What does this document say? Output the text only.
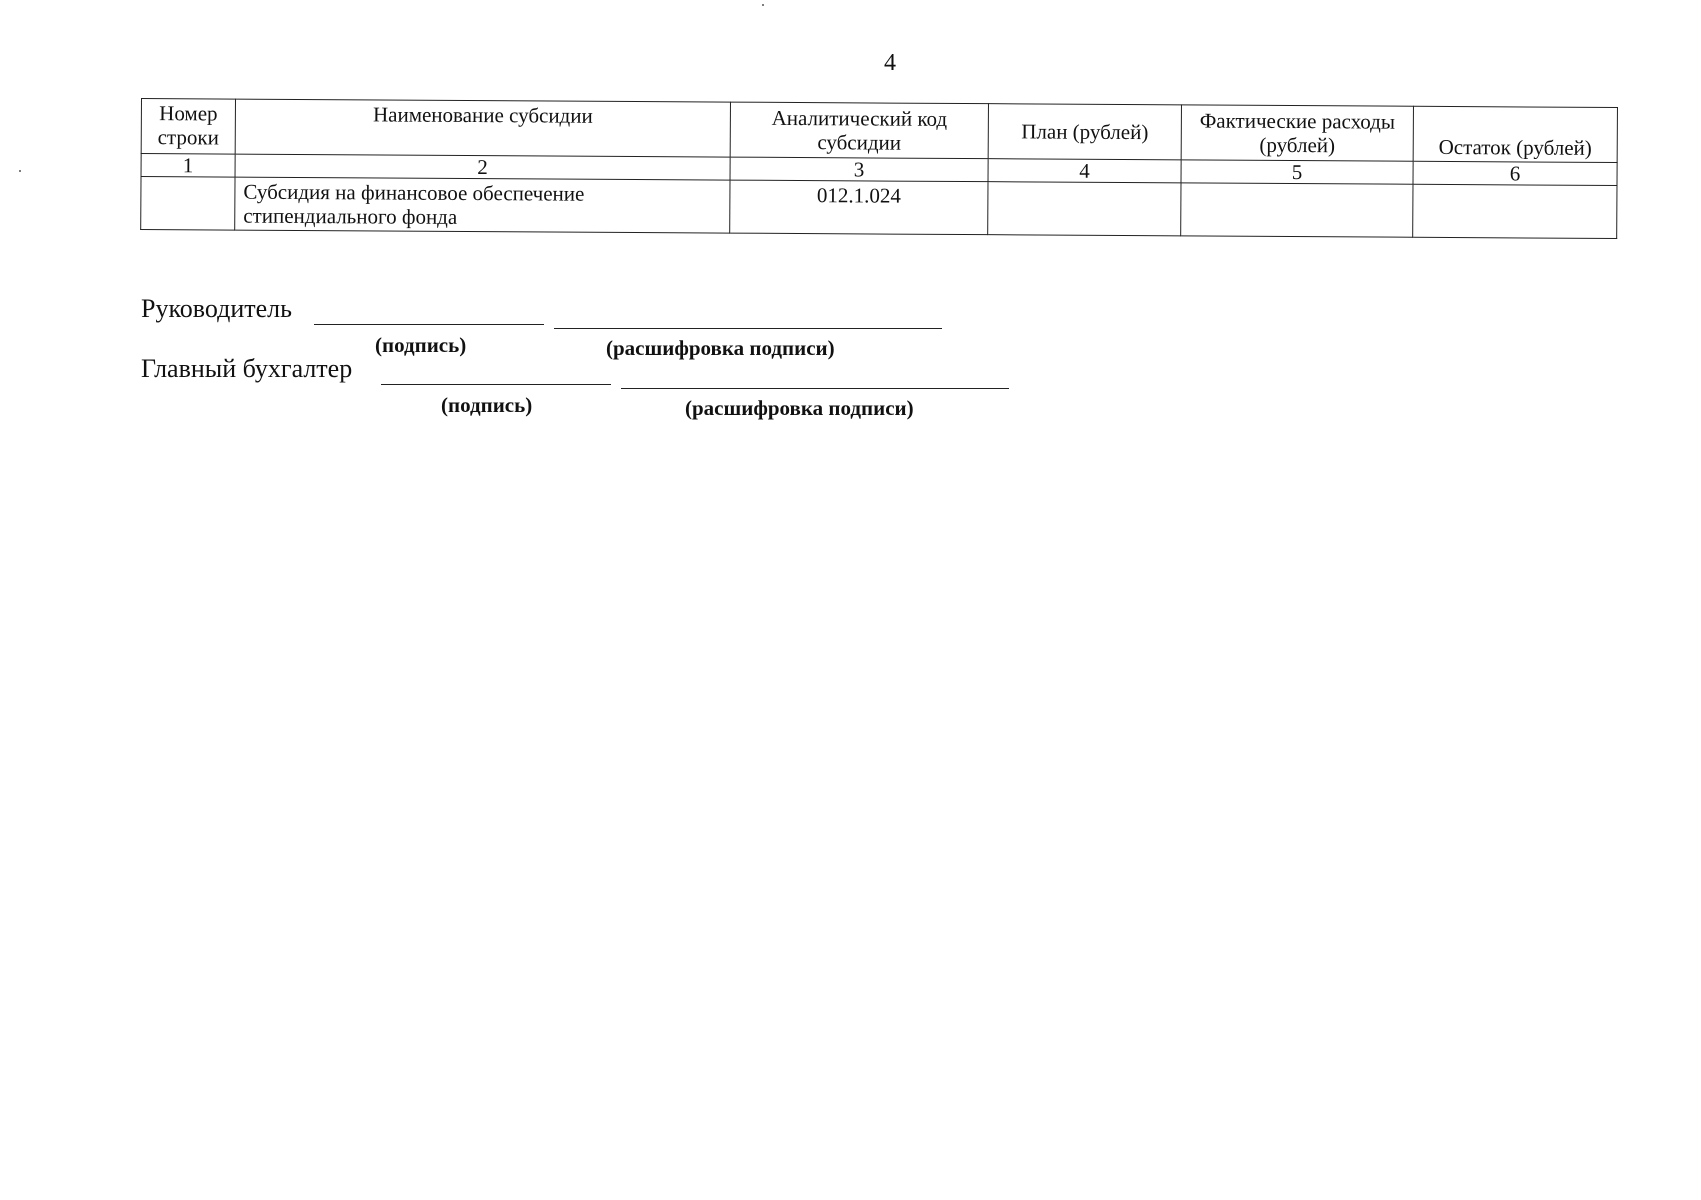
4
Номер строки	Наименование субсидии	Аналитический код субсидии	План (рублей)	Фактические расходы (рублей)	Остаток (рублей)
1	2	3	4	5	6
	Субсидия на финансовое обеспечение стипендиального фонда	012.1.024			
Руководитель
(подпись)	(расшифровка подписи)
Главный бухгалтер
(подпись)	(расшифровка подписи)
